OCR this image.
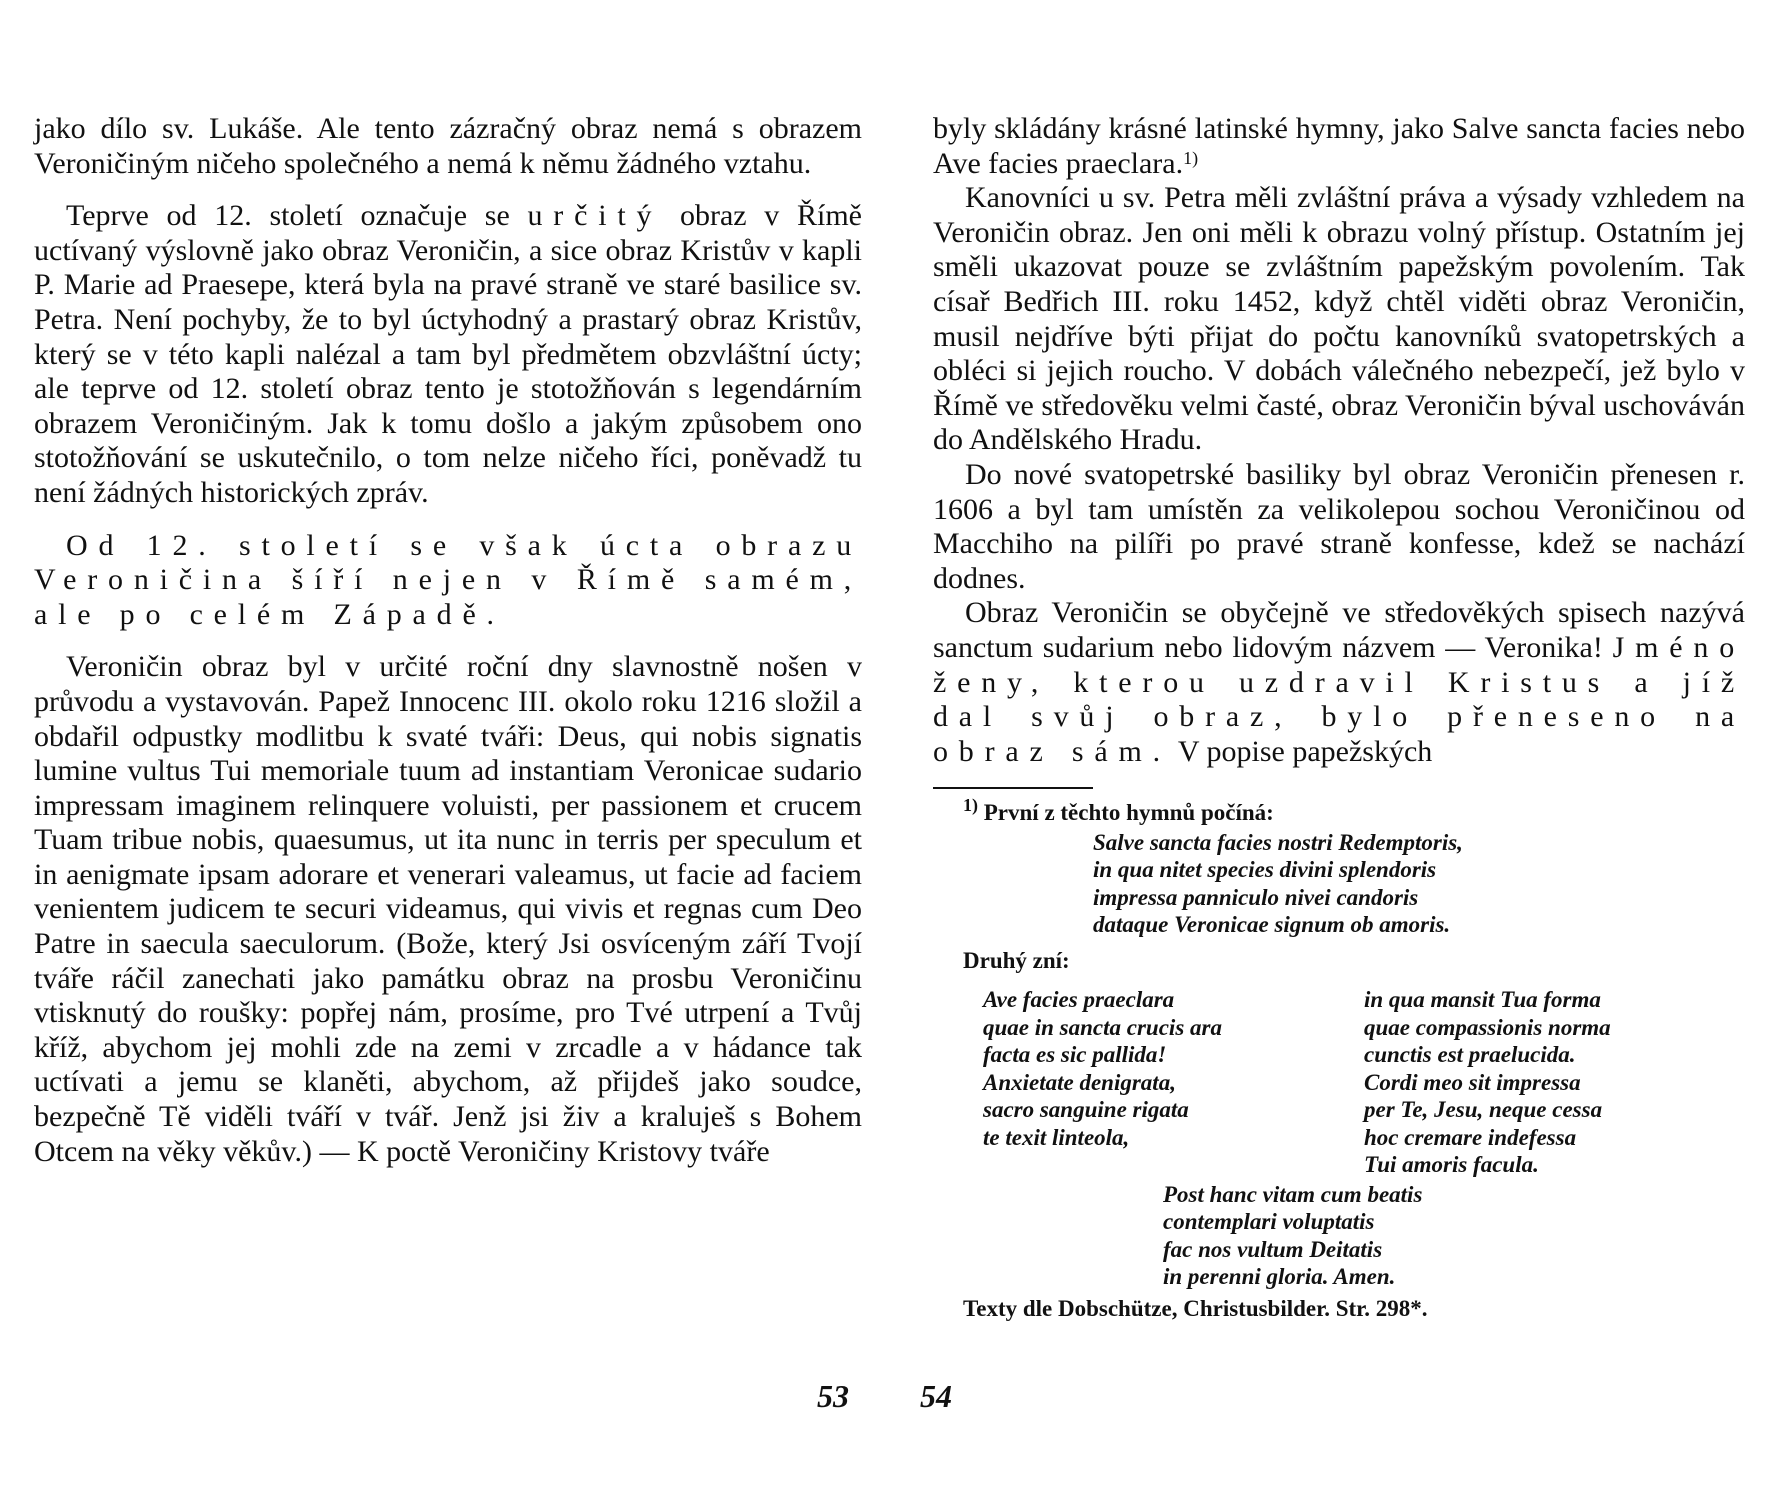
jako dílo sv. Lukáše. Ale tento zázračný obraz nemá s obrazem Veroničiným ničeho společného a nemá k němu žádného vztahu.

Teprve od 12. století označuje se určitý obraz v Římě uctívaný výslovně jako obraz Veroničin, a sice obraz Kristův v kapli P. Marie ad Praesepe, která byla na pravé straně ve staré basilice sv. Petra. Není pochyby, že to byl úctyhodný a prastarý obraz Kristův, který se v této kapli nalézal a tam byl předmětem obzvláštní úcty; ale teprve od 12. století obraz tento je stotožňován s legendárním obrazem Veroničiným. Jak k tomu došlo a jakým způsobem ono stotožňování se uskutečnilo, o tom nelze ničeho říci, poněvadž tu není žádných historických zpráv.

Od 12. století se však úcta obrazu Veroničina šíří nejen v Římě samém, ale po celém Západě.

Veroničin obraz byl v určité roční dny slavnostně nošen v průvodu a vystavován. Papež Innocenc III. okolo roku 1216 složil a obdařil odpustky modlitbu k svaté tváři: Deus, qui nobis signatis lumine vultus Tui memoriale tuum ad instantiam Veronicae sudario impressam imaginem relinquere voluisti, per passionem et crucem Tuam tribue nobis, quaesumus, ut ita nunc in terris per speculum et in aenigmate ipsam adorare et venerari valeamus, ut facie ad faciem venientem judicem te securi videamus, qui vivis et regnas cum Deo Patre in saecula saeculorum. (Bože, který Jsi osvíceným září Tvojí tváře ráčil zanechati jako památku obraz na prosbu Veroničinu vtisknutý do roušky: popřej nám, prosíme, pro Tvé utrpení a Tvůj kříž, abychom jej mohli zde na zemi v zrcadle a v hádance tak uctívati a jemu se klaněti, abychom, až přijdeš jako soudce, bezpečně Tě viděli tváří v tvář. Jenž jsi živ a kraluješ s Bohem Otcem na věky věkův.) — K poctě Veroničiny Kristovy tváře

53

byly skládány krásné latinské hymny, jako Salve sancta facies nebo Ave facies praeclara.$^{1)}$

Kanovníci u sv. Petra měli zvláštní práva a výsady vzhledem na Veroničin obraz. Jen oni měli k obrazu volný přístup. Ostatním jej směli ukazovat pouze se zvláštním papežským povolením. Tak císař Bedřich III. roku 1452, když chtěl viděti obraz Veroničin, musil nejdříve býti přijat do počtu kanovníků svatopetrských a obléci si jejich roucho. V dobách válečného nebezpečí, jež bylo v Římě ve středověku velmi časté, obraz Veroničin býval uschováván do Andělského Hradu.

Do nové svatopetrské basiliky byl obraz Veroničin přenesen r. 1606 a byl tam umístěn za velikolepou sochou Veroničinou od Macchiho na pilíři po pravé straně konfesse, kdež se nachází dodnes.

Obraz Veroničin se obyčejně ve středověkých spisech nazývá sanctum sudarium nebo lidovým názvem — Veronika! Jméno ženy, kterou uzdravil Kristus a jíž dal svůj obraz, bylo přeneseno na obraz sám. V popise papežských

$^{1)}$ První z těchto hymnů počíná:
Salve sancta facies nostri Redemptoris,
in qua nitet species divini splendoris
impressa panniculo nivei candoris
dataque Veronicae signum ob amoris.
Druhý zní:
Ave facies praeclara
quae in sancta crucis ara
facta es sic pallida!
Anxietate denigrata,
sacro sanguine rigata
te texit linteola,
in qua mansit Tua forma
quae compassionis norma
cunctis est praelucida.
Cordi meo sit impressa
per Te, Jesu, neque cessa
hoc cremare indefessa
Tui amoris facula.
Post hanc vitam cum beatis
contemplari voluptatis
fac nos vultum Deitatis
in perenni gloria. Amen.
Texty dle Dobschütze, Christusbilder. Str. 298*.
54
